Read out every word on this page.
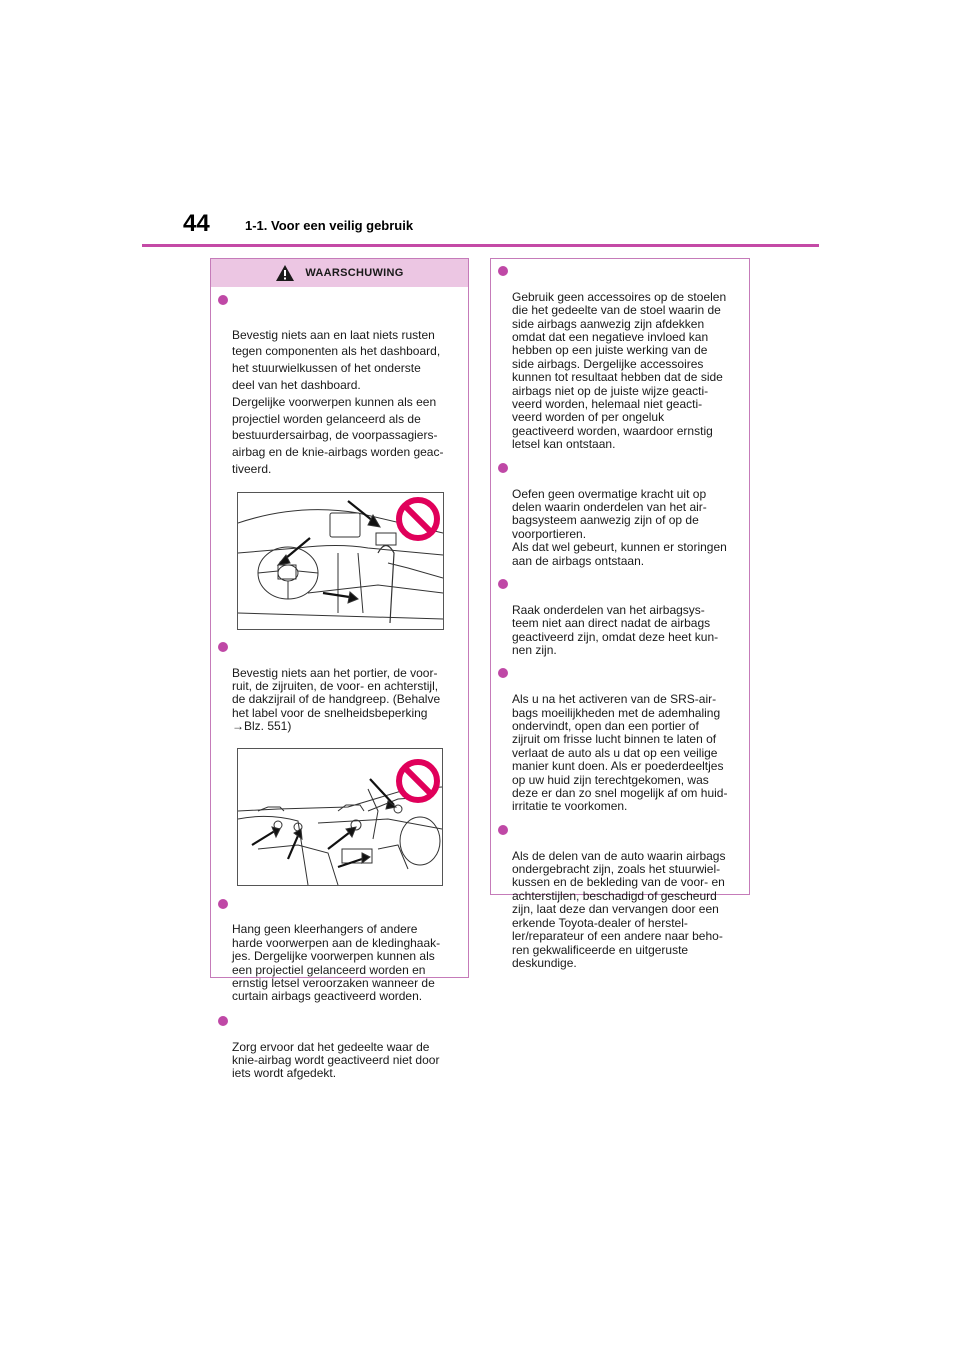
44	1-1. Voor een veilig gebruik
WAARSCHUWING

Bevestig niets aan en laat niets rusten
tegen componenten als het dashboard,
het stuurwielkussen of het onderste
deel van het dashboard.
Dergelijke voorwerpen kunnen als een
projectiel worden gelanceerd als de
bestuurdersairbag, de voorpassagiers-
airbag en de knie-airbags worden geac-
tiveerd.

Bevestig niets aan het portier, de voor-
ruit, de zijruiten, de voor- en achterstijl,
de dakzijrail of de handgreep. (Behalve
het label voor de snelheidsbeperking
→Blz. 551)

Hang geen kleerhangers of andere
harde voorwerpen aan de kledinghaak-
jes. Dergelijke voorwerpen kunnen als
een projectiel gelanceerd worden en
ernstig letsel veroorzaken wanneer de
curtain airbags geactiveerd worden.

Zorg ervoor dat het gedeelte waar de
knie-airbag wordt geactiveerd niet door
iets wordt afgedekt.

Gebruik geen accessoires op de stoelen
die het gedeelte van de stoel waarin de
side airbags aanwezig zijn afdekken
omdat dat een negatieve invloed kan
hebben op een juiste werking van de
side airbags. Dergelijke accessoires
kunnen tot resultaat hebben dat de side
airbags niet op de juiste wijze geacti-
veerd worden, helemaal niet geacti-
veerd worden of per ongeluk
geactiveerd worden, waardoor ernstig
letsel kan ontstaan.

Oefen geen overmatige kracht uit op
delen waarin onderdelen van het air-
bagsysteem aanwezig zijn of op de
voorportieren.
Als dat wel gebeurt, kunnen er storingen
aan de airbags ontstaan.

Raak onderdelen van het airbagsys-
teem niet aan direct nadat de airbags
geactiveerd zijn, omdat deze heet kun-
nen zijn.

Als u na het activeren van de SRS-air-
bags moeilijkheden met de ademhaling
ondervindt, open dan een portier of
zijruit om frisse lucht binnen te laten of
verlaat de auto als u dat op een veilige
manier kunt doen. Als er poederdeeltjes
op uw huid zijn terechtgekomen, was
deze er dan zo snel mogelijk af om huid-
irritatie te voorkomen.

Als de delen van de auto waarin airbags
ondergebracht zijn, zoals het stuurwiel-
kussen en de bekleding van de voor- en
achterstijlen, beschadigd of gescheurd
zijn, laat deze dan vervangen door een
erkende Toyota-dealer of herstel-
ler/reparateur of een andere naar beho-
ren gekwalificeerde en uitgeruste
deskundige.
